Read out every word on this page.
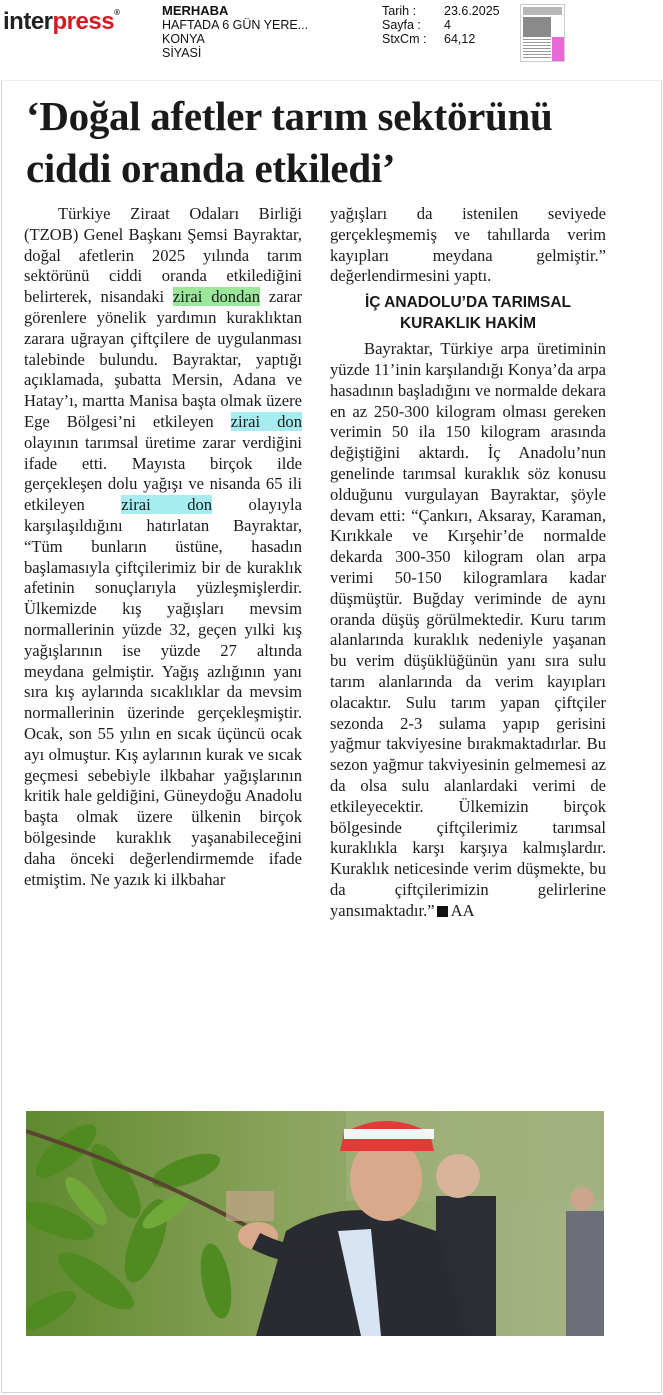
interpress®	MERHABA
HAFTADA 6 GÜN YERE...
KONYA
SİYASİ
Tarih :	23.6.2025
Sayfa :	4
StxCm :	64,12
‘Doğal afetler tarım sektörünü
ciddi oranda etkiledi’

Türkiye Ziraat Odaları Birliği (TZOB) Genel Başkanı Şemsi Bayraktar, doğal afetlerin 2025 yılında tarım sektörünü ciddi oranda etkilediğini belirterek, nisandaki zirai dondan zarar görenlere yönelik yardımın kuraklıktan zarara uğrayan çiftçilere de uygulanması talebinde bulundu. Bayraktar, yaptığı açıklamada, şubatta Mersin, Adana ve Hatay’ı, martta Manisa başta olmak üzere Ege Bölgesi’ni etkileyen zirai don olayının tarımsal üretime zarar verdiğini ifade etti. Mayısta birçok ilde gerçekleşen dolu yağışı ve nisanda 65 ili etkileyen zirai don olayıyla karşılaşıldığını hatırlatan Bayraktar, “Tüm bunların üstüne, hasadın başlamasıyla çiftçilerimiz bir de kuraklık afetinin sonuçlarıyla yüzleşmişlerdir. Ülkemizde kış yağışları mevsim normallerinin yüzde 32, geçen yılki kış yağışlarının ise yüzde 27 altında meydana gelmiştir. Yağış azlığının yanı sıra kış aylarında sıcaklıklar da mevsim normallerinin üzerinde gerçekleşmiştir. Ocak, son 55 yılın en sıcak üçüncü ocak ayı olmuştur. Kış aylarının kurak ve sıcak geçmesi sebebiyle ilkbahar yağışlarının kritik hale geldiğini, Güneydoğu Anadolu başta olmak üzere ülkenin birçok bölgesinde kuraklık yaşanabileceğini daha önceki değerlendirmemde ifade etmiştim. Ne yazık ki ilkbahar

yağışları da istenilen seviyede gerçekleşmemiş ve tahıllarda verim kayıpları meydana gelmiştir.” değerlendirmesini yaptı.

İÇ ANADOLU’DA TARIMSAL
KURAKLIK HAKİM

Bayraktar, Türkiye arpa üretiminin yüzde 11’inin karşılandığı Konya’da arpa hasadının başladığını ve normalde dekara en az 250-300 kilogram olması gereken verimin 50 ila 150 kilogram arasında değiştiğini aktardı. İç Anadolu’nun genelinde tarımsal kuraklık söz konusu olduğunu vurgulayan Bayraktar, şöyle devam etti: “Çankırı, Aksaray, Karaman, Kırıkkale ve Kırşehir’de normalde dekarda 300-350 kilogram olan arpa verimi 50-150 kilogramlara kadar düşmüştür. Buğday veriminde de aynı oranda düşüş görülmektedir. Kuru tarım alanlarında kuraklık nedeniyle yaşanan bu verim düşüklüğünün yanı sıra sulu tarım alanlarında da verim kayıpları olacaktır. Sulu tarım yapan çiftçiler sezonda 2-3 sulama yapıp gerisini yağmur takviyesine bırakmaktadırlar. Bu sezon yağmur takviyesinin gelmemesi az da olsa sulu alanlardaki verimi de etkileyecektir. Ülkemizin birçok bölgesinde çiftçilerimiz tarımsal kuraklıkla karşı karşıya kalmışlardır. Kuraklık neticesinde verim düşmekte, bu da çiftçilerimizin gelirlerine yansımaktadır.” AA
